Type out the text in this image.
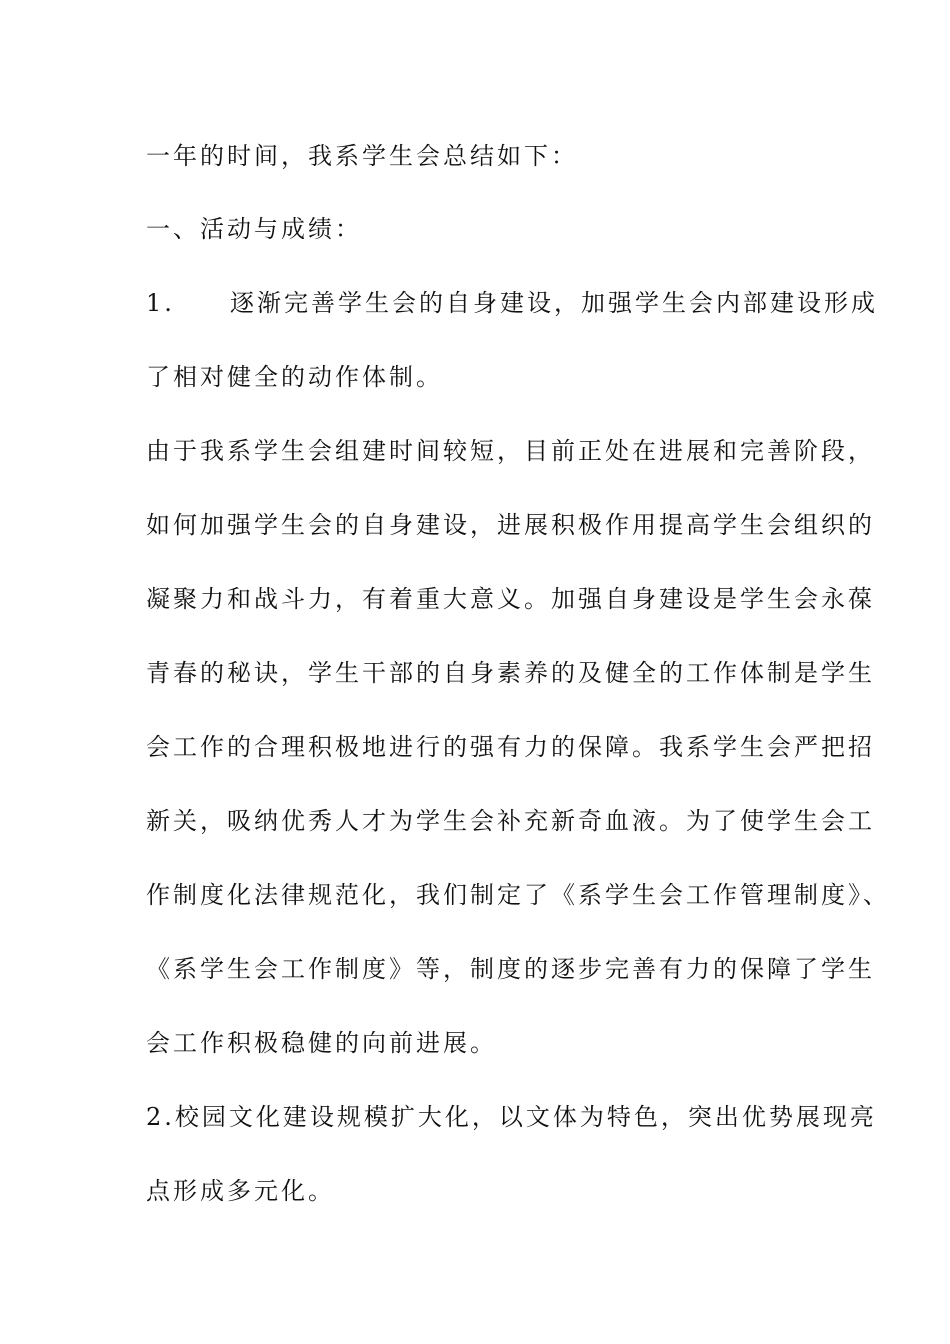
一年的时间，我系学生会总结如下：
一、活动与成绩：
1. 逐渐完善学生会的自身建设，加强学生会内部建设形成
了相对健全的动作体制。
由于我系学生会组建时间较短，目前正处在进展和完善阶段，
如何加强学生会的自身建设，进展积极作用提高学生会组织的
凝聚力和战斗力，有着重大意义。加强自身建设是学生会永葆
青春的秘诀，学生干部的自身素养的及健全的工作体制是学生
会工作的合理积极地进行的强有力的保障。我系学生会严把招
新关，吸纳优秀人才为学生会补充新奇血液。为了使学生会工
作制度化法律规范化，我们制定了《系学生会工作管理制度》、
《系学生会工作制度》等，制度的逐步完善有力的保障了学生
会工作积极稳健的向前进展。
2.校园文化建设规模扩大化，以文体为特色，突出优势展现亮
点形成多元化。
